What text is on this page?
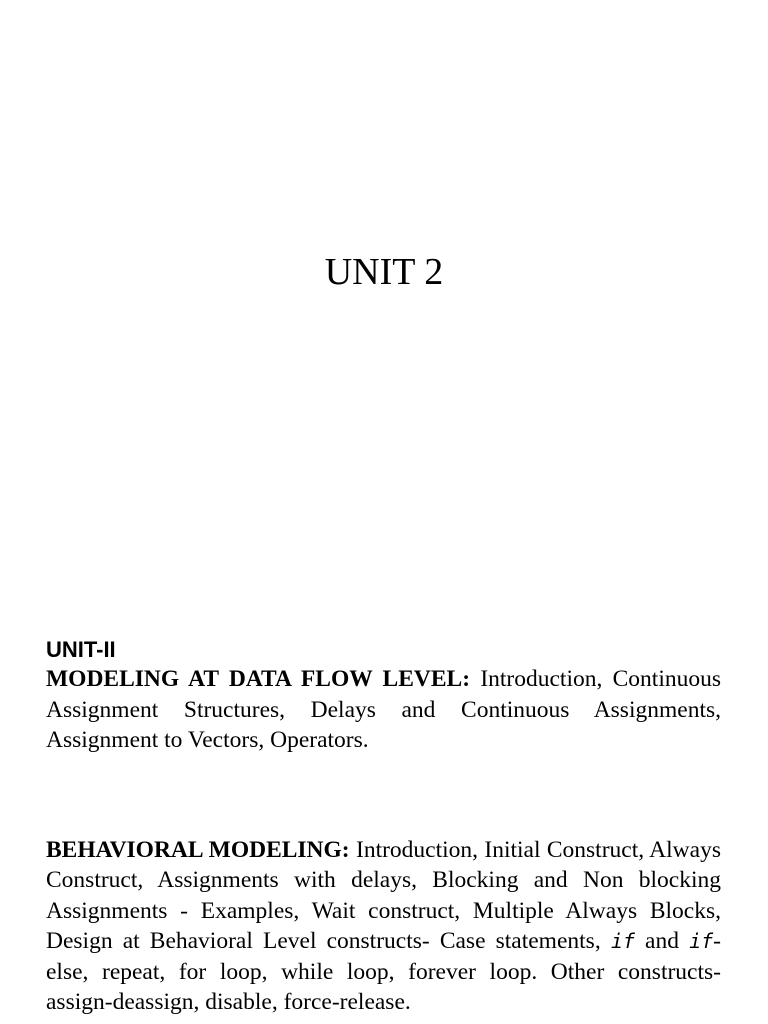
UNIT 2

UNIT-II

MODELING AT DATA FLOW LEVEL: Introduction, Continuous Assignment Structures, Delays and Continuous Assignments, Assignment to Vectors, Operators.

BEHAVIORAL MODELING: Introduction, Initial Construct, Always Construct, Assignments with delays, Blocking and Non blocking Assignments - Examples, Wait construct, Multiple Always Blocks, Design at Behavioral Level constructs- Case statements, if and if-else, repeat, for loop, while loop, forever loop. Other constructs- assign-deassign, disable, force-release.
